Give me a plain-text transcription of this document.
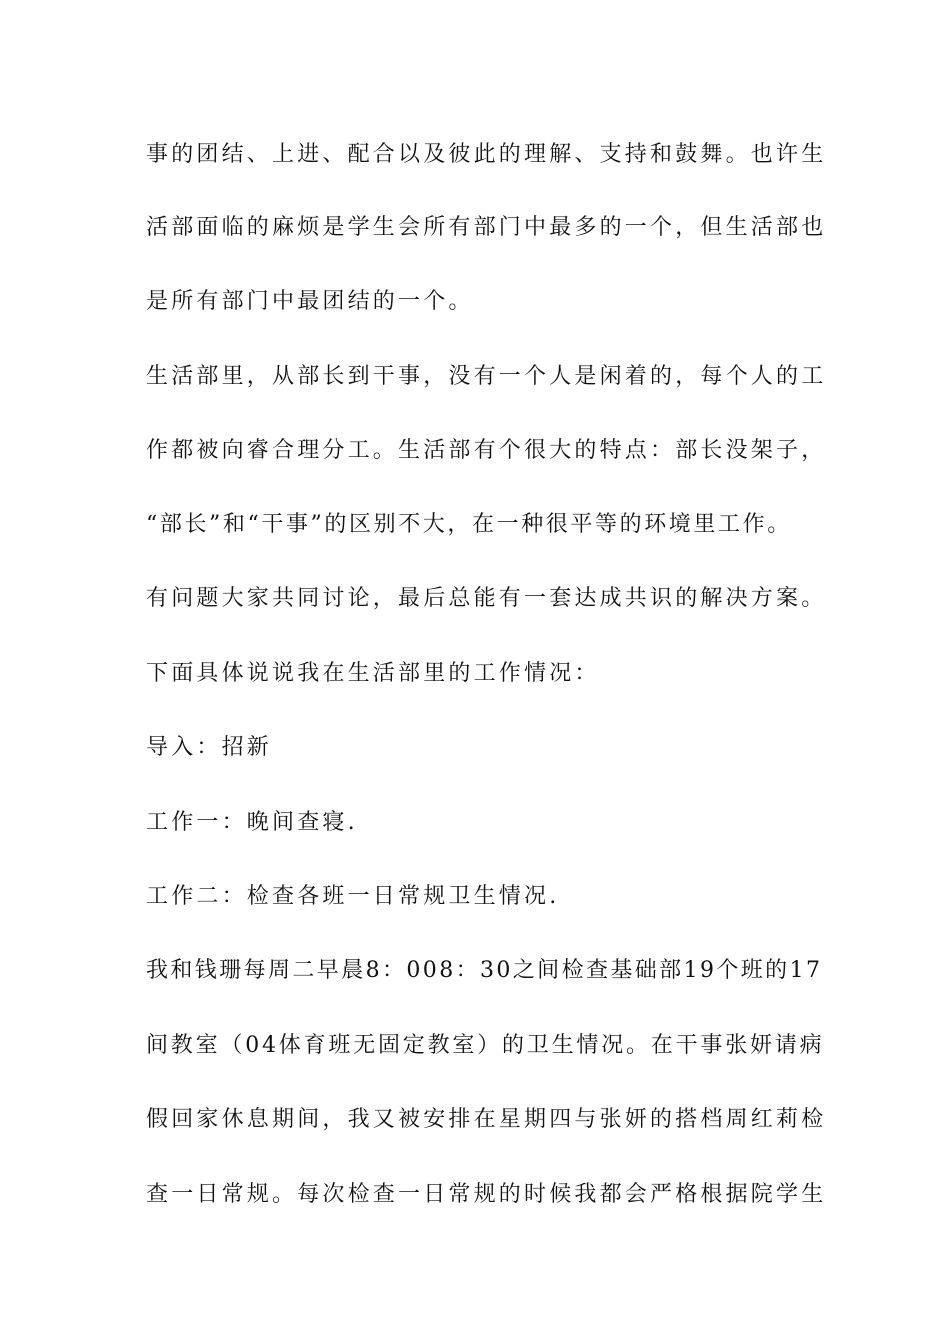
事的团结、上进、配合以及彼此的理解、支持和鼓舞。也许生
活部面临的麻烦是学生会所有部门中最多的一个，但生活部也
是所有部门中最团结的一个。
生活部里，从部长到干事，没有一个人是闲着的，每个人的工
作都被向睿合理分工。生活部有个很大的特点：部长没架子，
“部长”和“干事”的区别不大，在一种很平等的环境里工作。
有问题大家共同讨论，最后总能有一套达成共识的解决方案。
下面具体说说我在生活部里的工作情况：
导入：招新
工作一：晚间查寝.
工作二：检查各班一日常规卫生情况.
我和钱珊每周二早晨8：008：30之间检查基础部19个班的17
间教室（04体育班无固定教室）的卫生情况。在干事张妍请病
假回家休息期间，我又被安排在星期四与张妍的搭档周红莉检
查一日常规。每次检查一日常规的时候我都会严格根据院学生
